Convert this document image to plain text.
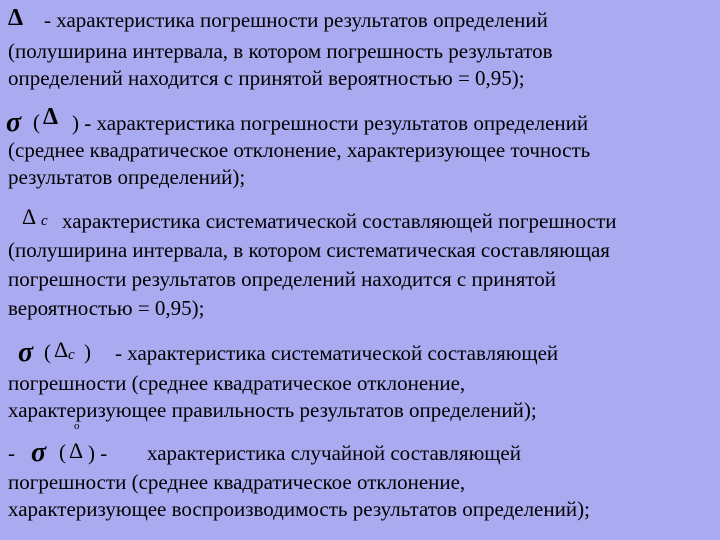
Δ - характеристика погрешности результатов определений
(полуширина интервала, в котором погрешность результатов
определений находится с принятой вероятностью = 0,95);
σ ( Δ ) - характеристика погрешности результатов определений
(среднее квадратическое отклонение, характеризующее точность
результатов определений);
Δ c характеристика систематической составляющей погрешности
(полуширина интервала, в котором систематическая составляющая
погрешности результатов определений находится с принятой
вероятностью = 0,95);
σ ( Δ c ) - характеристика систематической составляющей
погрешности (среднее квадратическое отклонение,
характеризующее правильность результатов определений);
- σ (
o
Δ ) - характеристика случайной составляющей
погрешности (среднее квадратическое отклонение,
характеризующее воспроизводимость результатов определений);
